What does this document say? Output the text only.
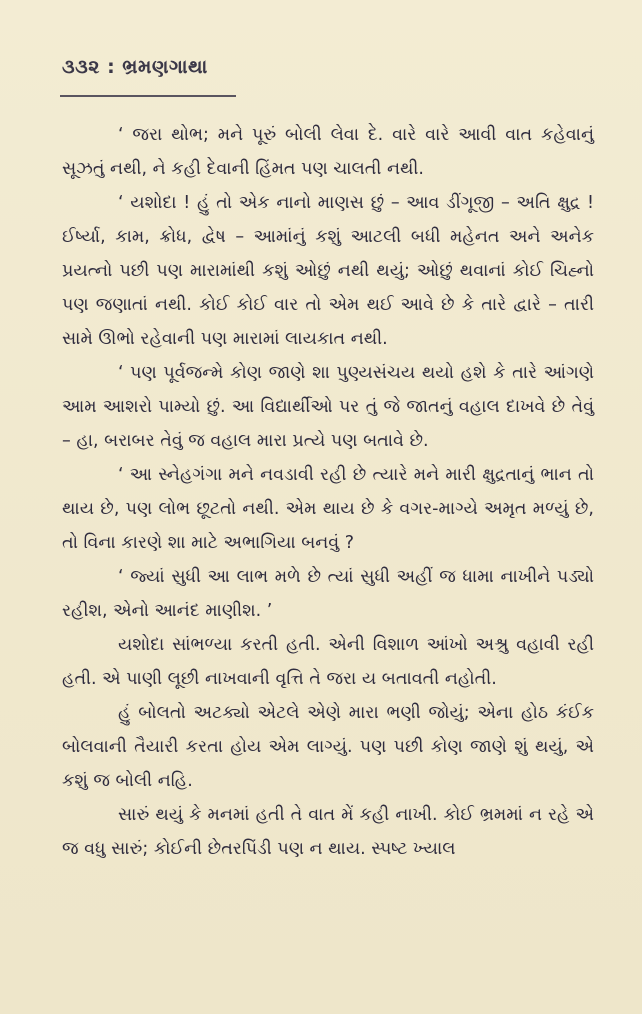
૩૩૨ : ભ્રમણગાથા

‘ જરા થોભ; મને પૂરું બોલી લેવા દે. વારે વારે આવી વાત કહેવાનું સૂઝતું નથી, ને કહી દેવાની હિંમત પણ ચાલતી નથી.

‘ યશોદા ! હું તો એક નાનો માણસ છું – આવ ડીંગૂજી – અતિ ક્ષુદ્ર ! ઈર્ષ્યા, કામ, ક્રોધ, દ્વેષ – આમાંનું કશું આટલી બધી મહેનત અને અનેક પ્રયત્નો પછી પણ મારામાંથી કશું ઓછું નથી થયું; ઓછું થવાનાં કોઈ ચિહ્નો પણ જણાતાં નથી. કોઈ કોઈ વાર તો એમ થઈ આવે છે કે તારે દ્વારે – તારી સામે ઊભો રહેવાની પણ મારામાં લાયકાત નથી.

‘ પણ પૂર્વજન્મે કોણ જાણે શા પુણ્યસંચય થયો હશે કે તારે આંગણે આમ આશરો પામ્યો છું. આ વિદ્યાર્થીઓ પર તું જે જાતનું વહાલ દાખવે છે તેવું – હા, બરાબર તેવું જ વહાલ મારા પ્રત્યે પણ બતાવે છે.

‘ આ સ્નેહગંગા મને નવડાવી રહી છે ત્યારે મને મારી ક્ષુદ્રતાનું ભાન તો થાય છે, પણ લોભ છૂટતો નથી. એમ થાય છે કે વગર-માગ્યે અમૃત મળ્યું છે, તો વિના કારણે શા માટે અભાગિયા બનવું ?

‘ જ્યાં સુધી આ લાભ મળે છે ત્યાં સુધી અહીં જ ધામા નાખીને પડ્યો રહીશ, એનો આનંદ માણીશ. ’

યશોદા સાંભળ્યા કરતી હતી. એની વિશાળ આંખો અશ્રુ વહાવી રહી હતી. એ પાણી લૂછી નાખવાની વૃત્તિ તે જરા ય બતાવતી નહોતી.

હું બોલતો અટક્યો એટલે એણે મારા ભણી જોયું; એના હોઠ કંઈક બોલવાની તૈયારી કરતા હોય એમ લાગ્યું. પણ પછી કોણ જાણે શું થયું, એ કશું જ બોલી નહિ.

સારું થયું કે મનમાં હતી તે વાત મેં કહી નાખી. કોઈ ભ્રમમાં ન રહે એ જ વધુ સારું; કોઈની છેતરપિંડી પણ ન થાય. સ્પષ્ટ ખ્યાલ
